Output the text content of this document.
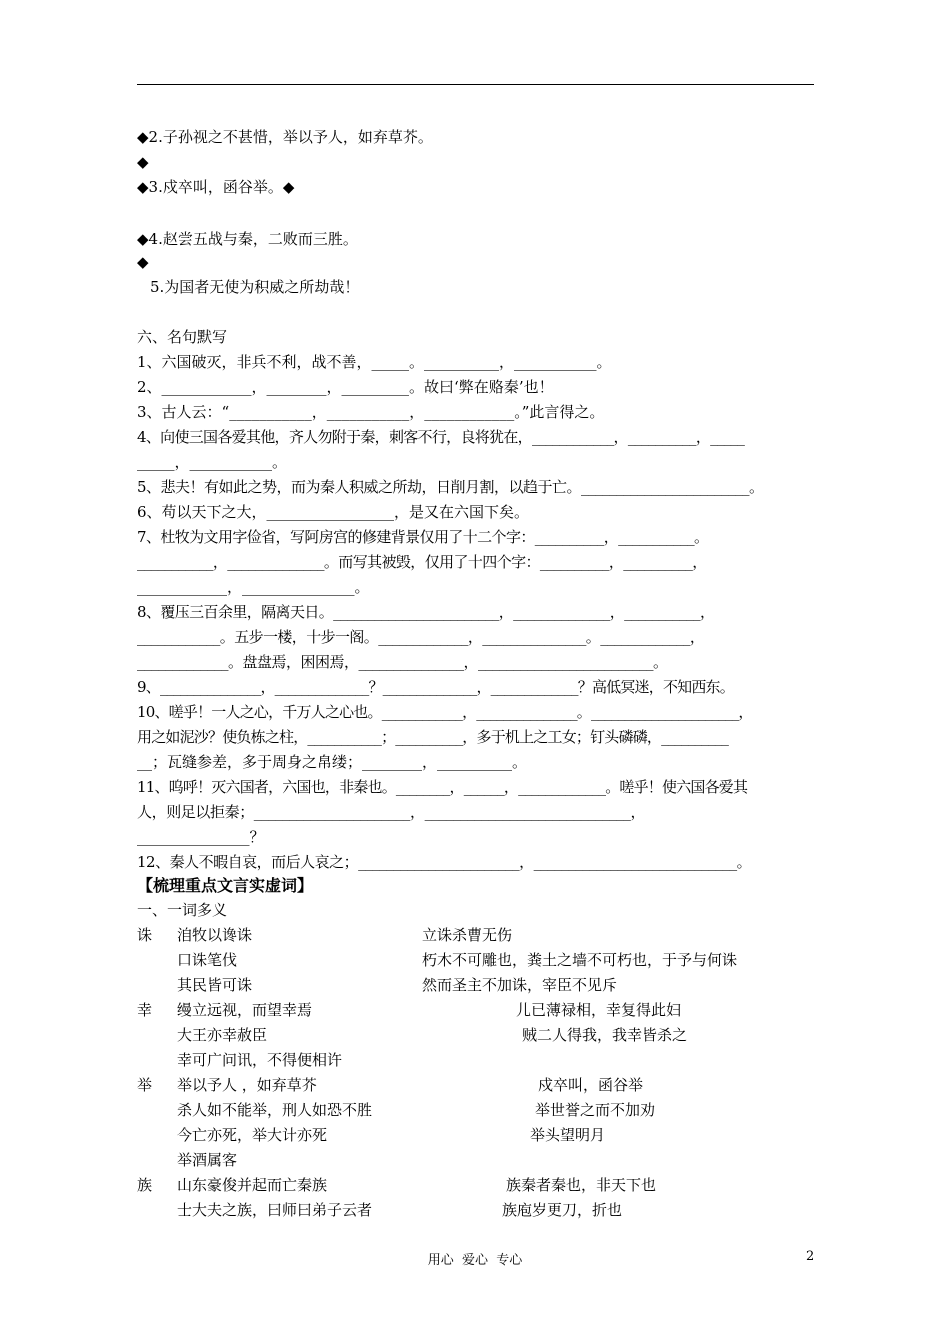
◆2.子孙视之不甚惜，举以予人，如弃草芥。
◆
◆3.戍卒叫，函谷举。◆
◆4.赵尝五战与秦，二败而三胜。
◆
5.为国者无使为积威之所劫哉！
六、名句默写
1、六国破灭，非兵不利，战不善，_____。__________，___________。
2、____________，________，_________。故曰‘弊在赂秦’也！
3、古人云：“___________，___________，____________。”此言得之。
4、向使三国各爱其他，齐人勿附于秦，刺客不行，良将犹在，____________，__________，_____
_____，___________。
5、悲夫！有如此之势，而为秦人积威之所劫，日削月割，以趋于亡。________________________。
6、苟以天下之大，_________________，是又在六国下矣。
7、杜牧为文用字俭省，写阿房宫的修建背景仅用了十二个字：__________，___________。
___________，______________。而写其被毁，仅用了十四个字：__________，__________，
____________，_______________。
8、覆压三百余里，隔离天日。________________________，______________，___________，
____________。五步一楼，十步一阁。_____________，_______________。_____________，
_____________。盘盘焉，困困焉，_______________，_________________________。
9、_______________，______________？______________，_____________？高低冥迷，不知西东。
10、嗟乎！一人之心，千万人之心也。____________，_______________。______________________，
用之如泥沙？使负栋之柱，___________；__________，多于机上之工女；钉头磷磷，__________
__；瓦缝参差，多于周身之帛缕；________，__________。
11、呜呼！灭六国者，六国也，非秦也。________，______，_____________。嗟乎！使六国各爱其
人，则足以拒秦；______________________，_____________________________，
_______________？
12、秦人不暇自哀，而后人哀之；_______________________，_____________________________。
【梳理重点文言实虚词】
一、一词多义
诛 洎牧以谗诛	立诛杀曹无伤
口诛笔伐	朽木不可雕也，粪土之墙不可朽也，于予与何诛
其民皆可诛	然而圣主不加诛，宰臣不见斥
幸 缦立远视，而望幸焉	儿已薄禄相，幸复得此妇
大王亦幸赦臣	贼二人得我，我幸皆杀之
幸可广问讯，不得便相许
举 举以予人 ，如弃草芥	戍卒叫，函谷举
杀人如不能举，刑人如恐不胜	举世誉之而不加劝
今亡亦死，举大计亦死	举头望明月
举酒属客
族 山东豪俊并起而亡秦族	族秦者秦也，非天下也
士大夫之族，曰师曰弟子云者	族庖岁更刀，折也
用心  爱心  专心	2
